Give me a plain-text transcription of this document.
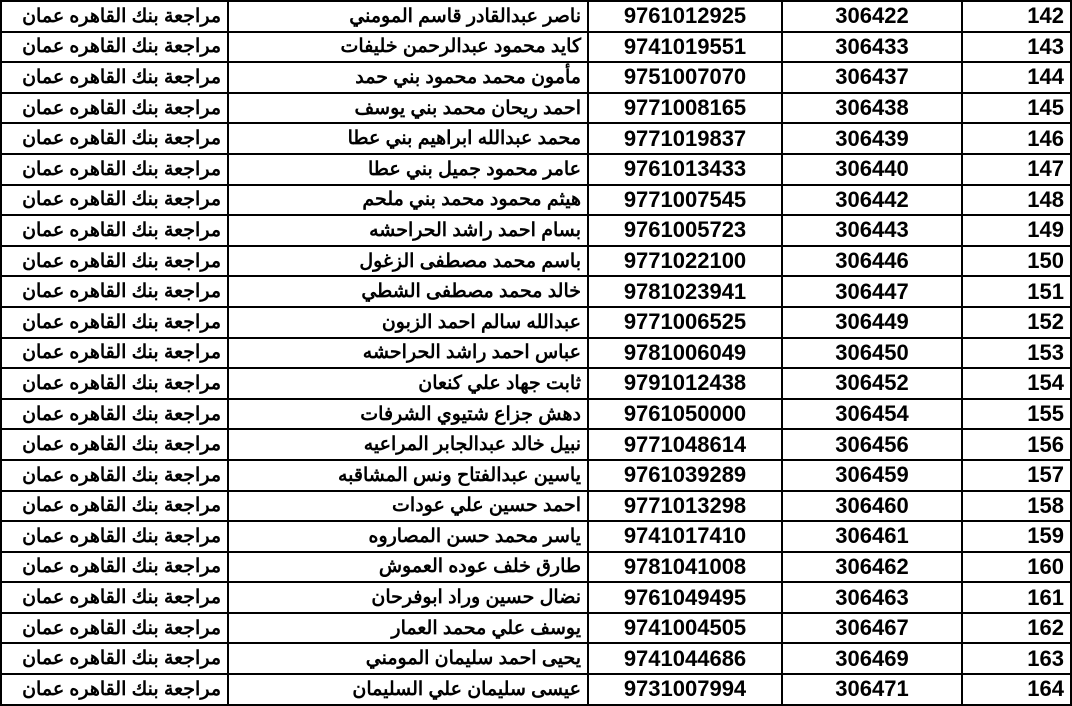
مراجعة بنك القاهره عمان	ناصر عبدالقادر قاسم المومني	9761012925	306422	142
مراجعة بنك القاهره عمان	كايد محمود عبدالرحمن خليفات	9741019551	306433	143
مراجعة بنك القاهره عمان	مأمون محمد محمود بني حمد	9751007070	306437	144
مراجعة بنك القاهره عمان	احمد ريحان محمد بني يوسف	9771008165	306438	145
مراجعة بنك القاهره عمان	محمد عبدالله ابراهيم بني عطا	9771019837	306439	146
مراجعة بنك القاهره عمان	عامر محمود جميل بني عطا	9761013433	306440	147
مراجعة بنك القاهره عمان	هيثم محمود محمد بني ملحم	9771007545	306442	148
مراجعة بنك القاهره عمان	بسام احمد راشد الحراحشه	9761005723	306443	149
مراجعة بنك القاهره عمان	باسم محمد مصطفى الزغول	9771022100	306446	150
مراجعة بنك القاهره عمان	خالد محمد مصطفى الشطي	9781023941	306447	151
مراجعة بنك القاهره عمان	عبدالله سالم احمد الزبون	9771006525	306449	152
مراجعة بنك القاهره عمان	عباس احمد راشد الحراحشه	9781006049	306450	153
مراجعة بنك القاهره عمان	ثابت جهاد علي كنعان	9791012438	306452	154
مراجعة بنك القاهره عمان	دهش جزاع شتيوي الشرفات	9761050000	306454	155
مراجعة بنك القاهره عمان	نبيل خالد عبدالجابر المراعيه	9771048614	306456	156
مراجعة بنك القاهره عمان	ياسين عبدالفتاح ونس المشاقبه	9761039289	306459	157
مراجعة بنك القاهره عمان	احمد حسين علي عودات	9771013298	306460	158
مراجعة بنك القاهره عمان	ياسر محمد حسن المصاروه	9741017410	306461	159
مراجعة بنك القاهره عمان	طارق خلف عوده العموش	9781041008	306462	160
مراجعة بنك القاهره عمان	نضال حسين وراد ابوفرحان	9761049495	306463	161
مراجعة بنك القاهره عمان	يوسف علي محمد العمار	9741004505	306467	162
مراجعة بنك القاهره عمان	يحيى احمد سليمان المومني	9741044686	306469	163
مراجعة بنك القاهره عمان	عيسى سليمان علي السليمان	9731007994	306471	164
